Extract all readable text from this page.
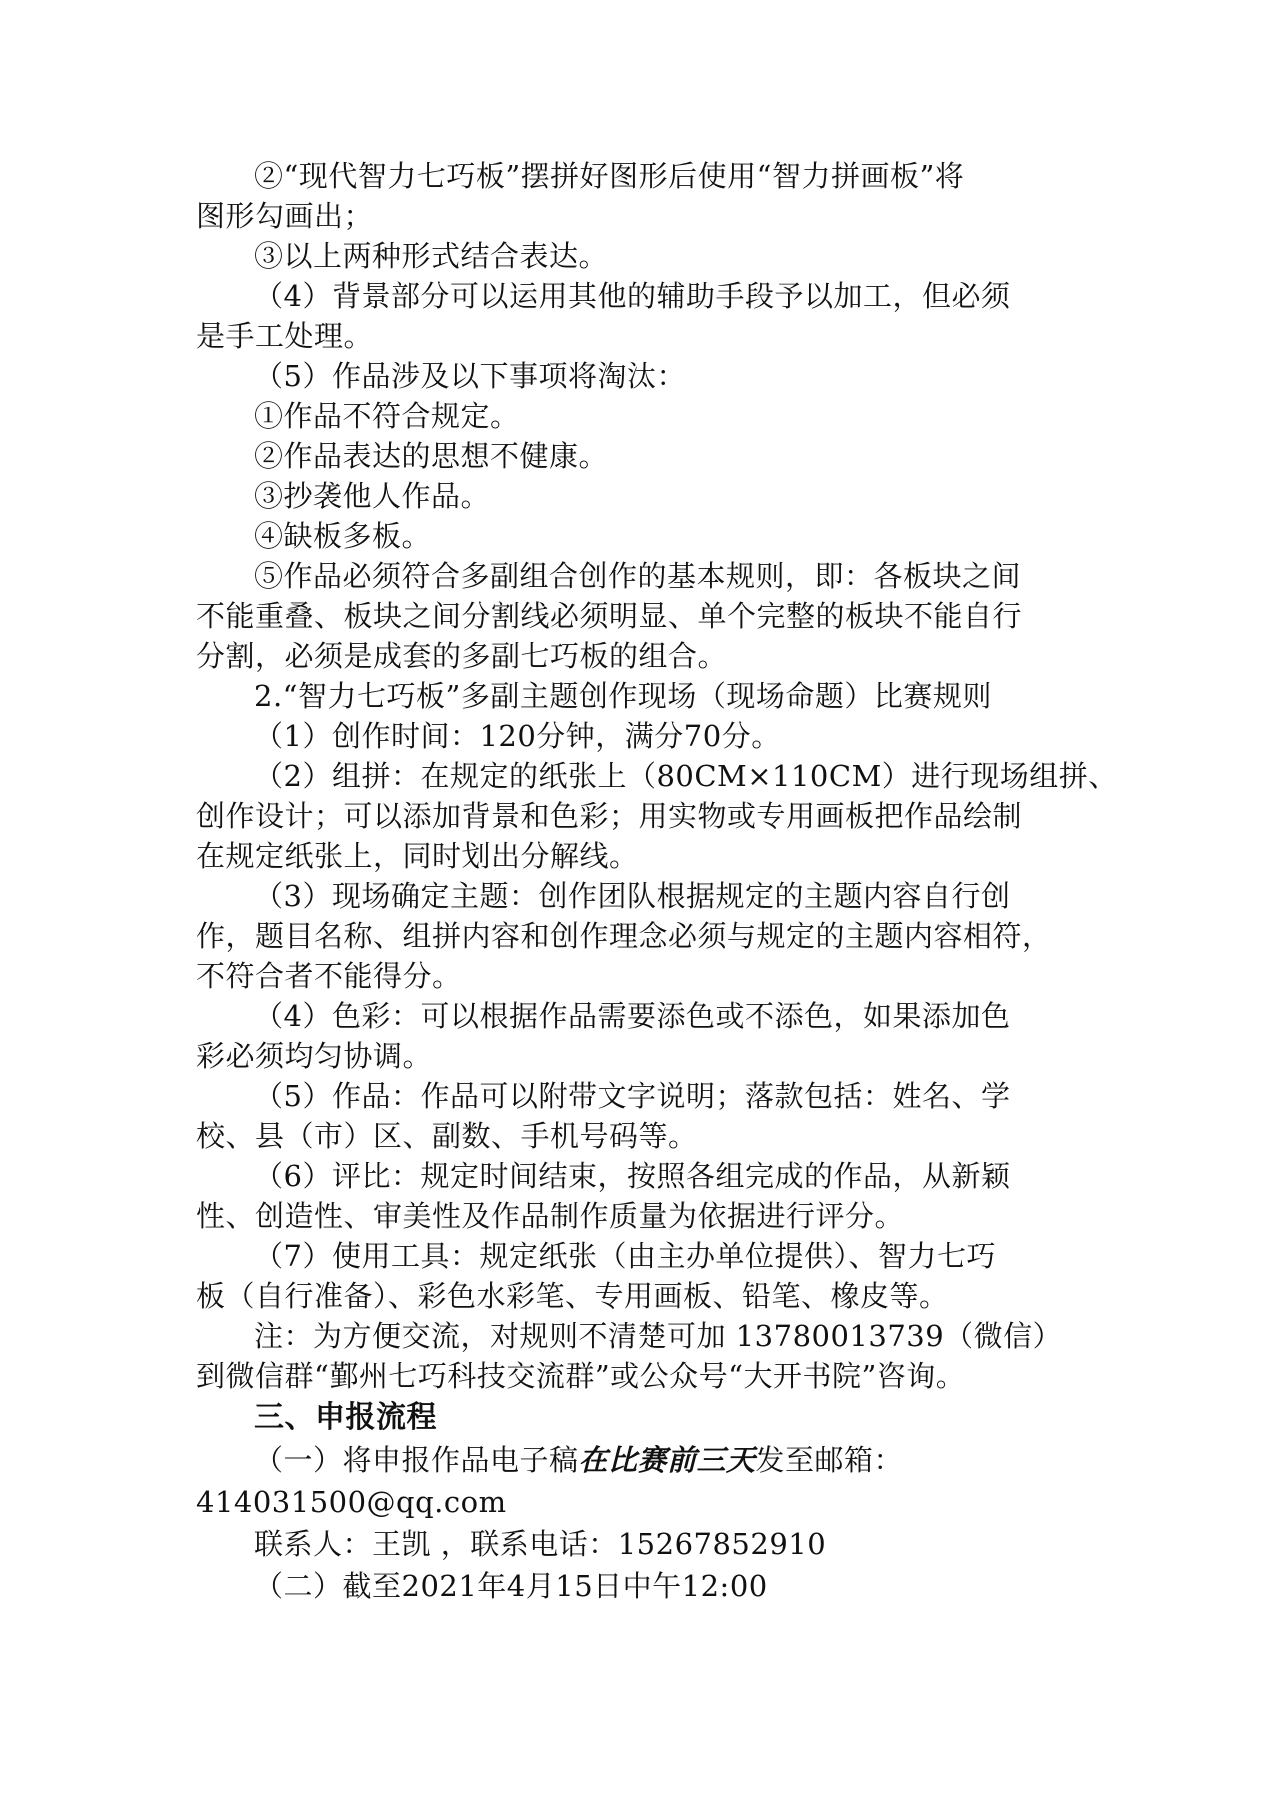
②“现代智力七巧板”摆拼好图形后使用“智力拼画板”将
图形勾画出；
③以上两种形式结合表达。
（4）背景部分可以运用其他的辅助手段予以加工，但必须
是手工处理。
（5）作品涉及以下事项将淘汰：
①作品不符合规定。
②作品表达的思想不健康。
③抄袭他人作品。
④缺板多板。
⑤作品必须符合多副组合创作的基本规则，即：各板块之间
不能重叠、板块之间分割线必须明显、单个完整的板块不能自行
分割，必须是成套的多副七巧板的组合。
2.“智力七巧板”多副主题创作现场（现场命题）比赛规则
（1）创作时间：120分钟，满分70分。
（2）组拼：在规定的纸张上（80CM×110CM）进行现场组拼、
创作设计；可以添加背景和色彩；用实物或专用画板把作品绘制
在规定纸张上，同时划出分解线。
（3）现场确定主题：创作团队根据规定的主题内容自行创
作，题目名称、组拼内容和创作理念必须与规定的主题内容相符，
不符合者不能得分。
（4）色彩：可以根据作品需要添色或不添色，如果添加色
彩必须均匀协调。
（5）作品：作品可以附带文字说明；落款包括：姓名、学
校、县（市）区、副数、手机号码等。
（6）评比：规定时间结束，按照各组完成的作品，从新颖
性、创造性、审美性及作品制作质量为依据进行评分。
（7）使用工具：规定纸张（由主办单位提供）、智力七巧
板（自行准备）、彩色水彩笔、专用画板、铅笔、橡皮等。
注：为方便交流，对规则不清楚可加 13780013739（微信）
到微信群“鄞州七巧科技交流群”或公众号“大开书院”咨询。
三、申报流程
（一）将申报作品电子稿在比赛前三天发至邮箱：
414031500@qq.com
联系人：王凯 ，联系电话：15267852910
（二）截至2021年4月15日中午12:00
